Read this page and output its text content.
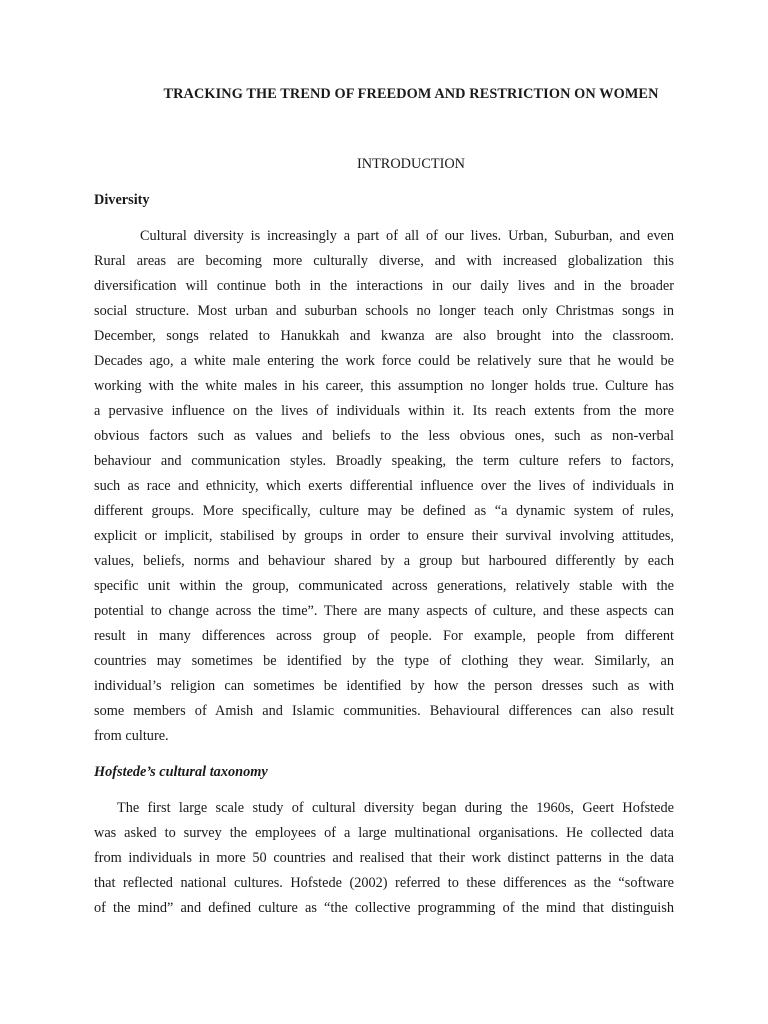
TRACKING THE TREND OF FREEDOM AND RESTRICTION ON WOMEN
INTRODUCTION
Diversity
Cultural diversity is increasingly a part of all of our lives. Urban, Suburban, and even
Rural areas are becoming more culturally diverse, and with increased globalization this
diversification will continue both in the interactions in our daily lives and in the broader
social structure. Most urban and suburban schools no longer teach only Christmas songs in
December, songs related to Hanukkah and kwanza are also brought into the classroom.
Decades ago, a white male entering the work force could be relatively sure that he would be
working with the white males in his career, this assumption no longer holds true. Culture has
a pervasive influence on the lives of individuals within it. Its reach extents from the more
obvious factors such as values and beliefs to the less obvious ones, such as non-verbal
behaviour and communication styles. Broadly speaking, the term culture refers to factors,
such as race and ethnicity, which exerts differential influence over the lives of individuals in
different groups. More specifically, culture may be defined as “a dynamic system of rules,
explicit or implicit, stabilised by groups in order to ensure their survival involving attitudes,
values, beliefs, norms and behaviour shared by a group but harboured differently by each
specific unit within the group, communicated across generations, relatively stable with the
potential to change across the time”. There are many aspects of culture, and these aspects can
result in many differences across group of people. For example, people from different
countries may sometimes be identified by the type of clothing they wear. Similarly, an
individual’s religion can sometimes be identified by how the person dresses such as with
some members of Amish and Islamic communities. Behavioural differences can also result
from culture.
Hofstede’s cultural taxonomy
The first large scale study of cultural diversity began during the 1960s, Geert Hofstede
was asked to survey the employees of a large multinational organisations. He collected data
from individuals in more 50 countries and realised that their work distinct patterns in the data
that reflected national cultures. Hofstede (2002) referred to these differences as the “software
of the mind” and defined culture as “the collective programming of the mind that distinguish
